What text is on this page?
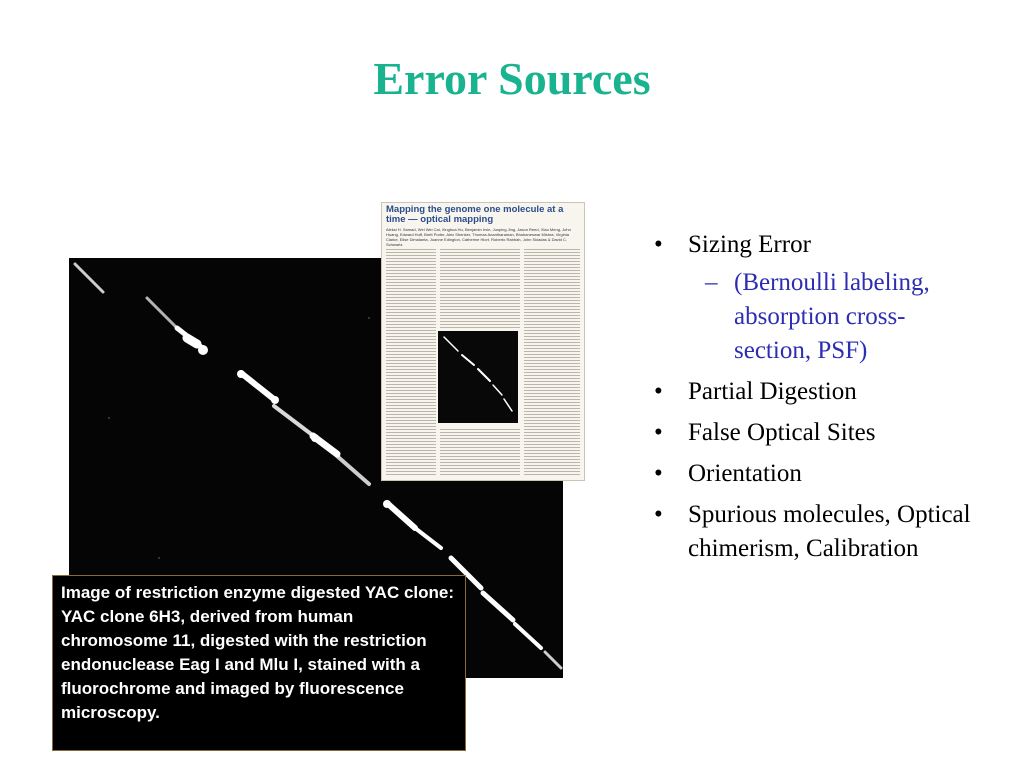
Error Sources
Mapping the genome one molecule at a time — optical mapping
Aleksi H. Samad, Wei Wei Cai, Xinghua Hu, Benjamin Irvin, Junping Jing, Jason Reed, Xiao Meng, John Huang, Edward Huff, Brett Porter, Alex Shenker, Thomas Anantharaman, Bhubaneswar Mishra, Virginia Clarke, Elise Dimalanta, Joanne Edington, Catherine Hiort, Roberto Rabbah, John Skiadas & David C. Schwartz
Image of restriction enzyme digested YAC clone: YAC clone 6H3, derived from human chromosome 11, digested with the restriction endonuclease Eag I and Mlu I, stained with a fluorochrome and imaged by fluorescence microscopy.
• Sizing Error
– (Bernoulli labeling, absorption cross-section, PSF)
• Partial Digestion
• False Optical Sites
• Orientation
• Spurious molecules, Optical chimerism, Calibration
